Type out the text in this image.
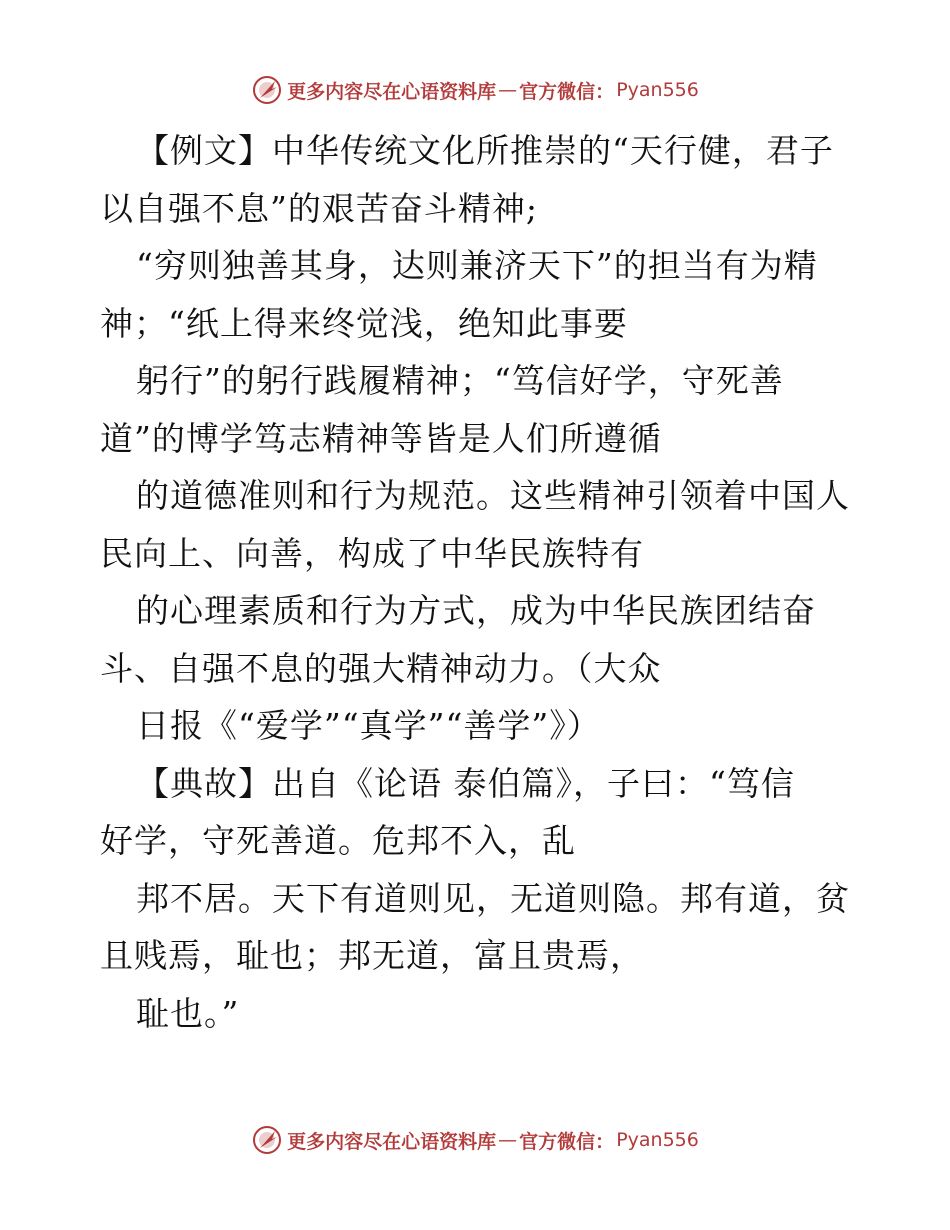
更多内容尽在心语资料库 — 官方微信： Pyan556
【例文】中华传统文化所推崇的“天行健，君子
以自强不息”的艰苦奋斗精神;
“穷则独善其身，达则兼济天下”的担当有为精
神；“纸上得来终觉浅，绝知此事要
躬行”的躬行践履精神；“笃信好学，守死善
道”的博学笃志精神等皆是人们所遵循
的道德准则和行为规范。这些精神引领着中国人
民向上、向善，构成了中华民族特有
的心理素质和行为方式，成为中华民族团结奋
斗、自强不息的强大精神动力。（大众
日报《“爱学”“真学”“善学”》）
【典故】出自《论语 泰伯篇》，子曰：“笃信
好学，守死善道。危邦不入，乱
邦不居。天下有道则见，无道则隐。邦有道，贫
且贱焉，耻也；邦无道，富且贵焉，
耻也。”
更多内容尽在心语资料库 — 官方微信： Pyan556
